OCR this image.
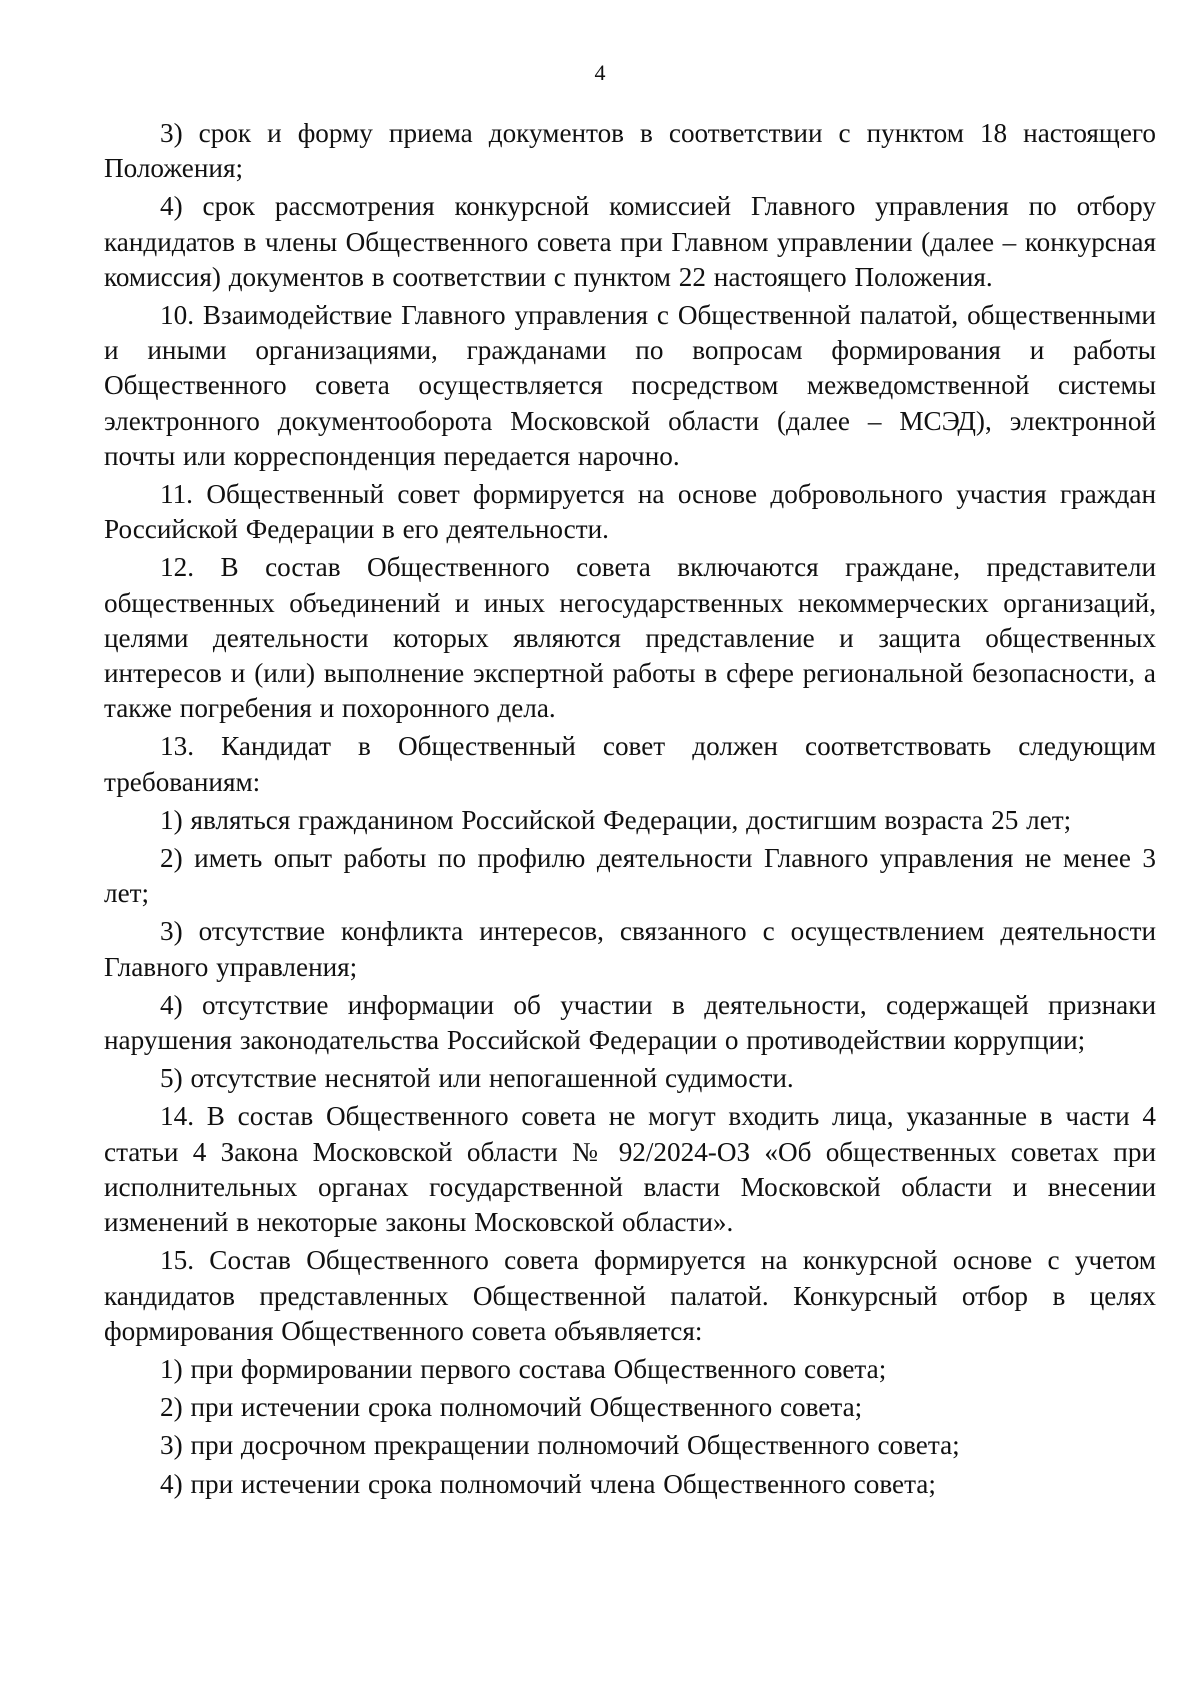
4

3) срок и форму приема документов в соответствии с пунктом 18 настоящего Положения;

4) срок рассмотрения конкурсной комиссией Главного управления по отбору кандидатов в члены Общественного совета при Главном управлении (далее – конкурсная комиссия) документов в соответствии с пунктом 22 настоящего Положения.

10. Взаимодействие Главного управления с Общественной палатой, общественными и иными организациями, гражданами по вопросам формирования и работы Общественного совета осуществляется посредством межведомственной системы электронного документооборота Московской области (далее – МСЭД), электронной почты или корреспонденция передается нарочно.

11. Общественный совет формируется на основе добровольного участия граждан Российской Федерации в его деятельности.

12. В состав Общественного совета включаются граждане, представители общественных объединений и иных негосударственных некоммерческих организаций, целями деятельности которых являются представление и защита общественных интересов и (или) выполнение экспертной работы в сфере региональной безопасности, а также погребения и похоронного дела.

13. Кандидат в Общественный совет должен соответствовать следующим требованиям:

1) являться гражданином Российской Федерации, достигшим возраста 25 лет;

2) иметь опыт работы по профилю деятельности Главного управления не менее 3 лет;

3) отсутствие конфликта интересов, связанного с осуществлением деятельности Главного управления;

4) отсутствие информации об участии в деятельности, содержащей признаки нарушения законодательства Российской Федерации о противодействии коррупции;

5) отсутствие неснятой или непогашенной судимости.

14. В состав Общественного совета не могут входить лица, указанные в части 4 статьи 4 Закона Московской области № 92/2024-ОЗ «Об общественных советах при исполнительных органах государственной власти Московской области и внесении изменений в некоторые законы Московской области».

15. Состав Общественного совета формируется на конкурсной основе с учетом кандидатов представленных Общественной палатой. Конкурсный отбор в целях формирования Общественного совета объявляется:

1) при формировании первого состава Общественного совета;

2) при истечении срока полномочий Общественного совета;

3) при досрочном прекращении полномочий Общественного совета;

4) при истечении срока полномочий члена Общественного совета;
